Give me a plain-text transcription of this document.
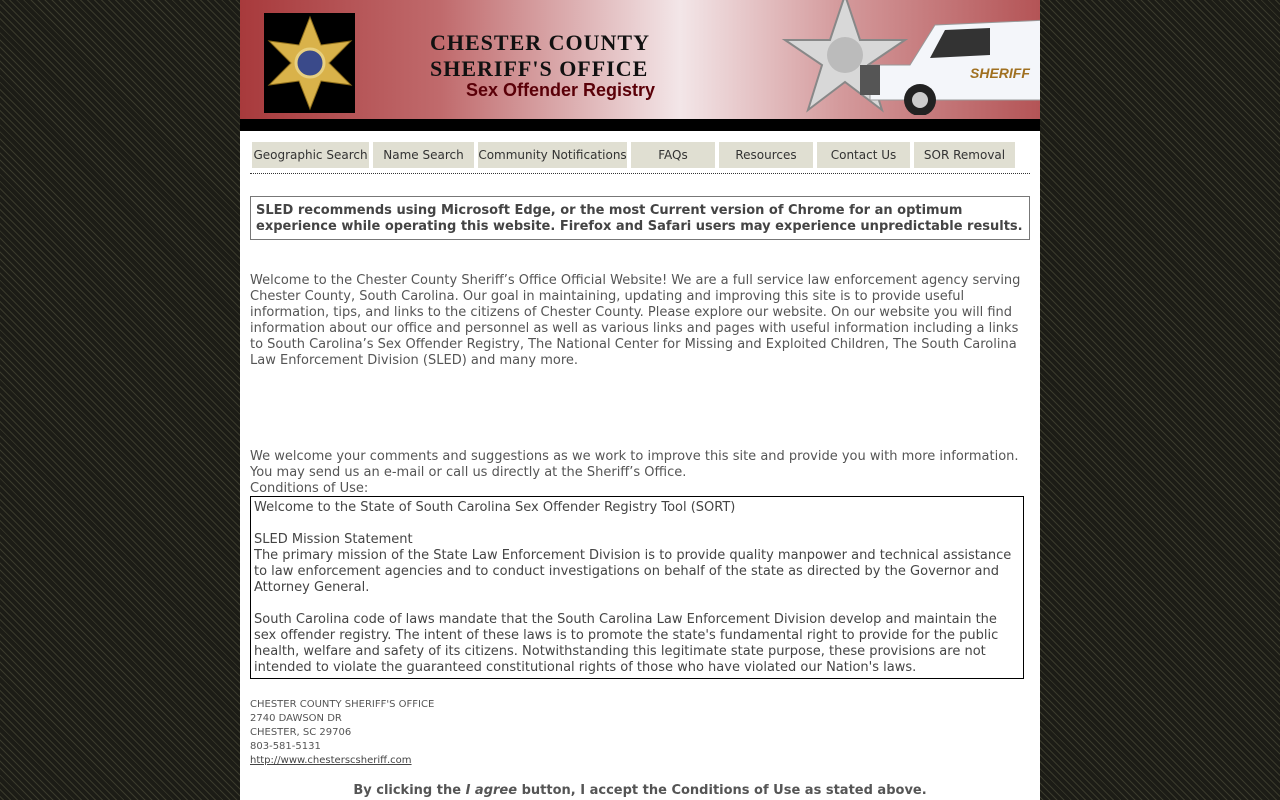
CHESTER COUNTY
SHERIFF'S OFFICE
Sex Offender Registry
SHERIFF
Geographic Search	Name Search	Community Notifications	FAQs	Resources	Contact Us	SOR Removal
SLED recommends using Microsoft Edge, or the most Current version of Chrome for an optimum experience while operating this website. Firefox and Safari users may experience unpredictable results.
Welcome to the Chester County Sheriff’s Office Official Website! We are a full service law enforcement agency serving Chester County, South Carolina. Our goal in maintaining, updating and improving this site is to provide useful information, tips, and links to the citizens of Chester County. Please explore our website. On our website you will find information about our office and personnel as well as various links and pages with useful information including a links to South Carolina’s Sex Offender Registry, The National Center for Missing and Exploited Children, The South Carolina Law Enforcement Division (SLED) and many more.
We welcome your comments and suggestions as we work to improve this site and provide you with more information. You may send us an e-mail or call us directly at the Sheriff’s Office.
Conditions of Use:
Welcome to the State of South Carolina Sex Offender Registry Tool (SORT)
SLED Mission Statement
The primary mission of the State Law Enforcement Division is to provide quality manpower and technical assistance to law enforcement agencies and to conduct investigations on behalf of the state as directed by the Governor and Attorney General.
South Carolina code of laws mandate that the South Carolina Law Enforcement Division develop and maintain the sex offender registry. The intent of these laws is to promote the state's fundamental right to provide for the public health, welfare and safety of its citizens. Notwithstanding this legitimate state purpose, these provisions are not intended to violate the guaranteed constitutional rights of those who have violated our Nation's laws.
CHESTER COUNTY SHERIFF'S OFFICE
2740 DAWSON DR
CHESTER, SC 29706
803-581-5131
http://www.chesterscsheriff.com
By clicking the I agree button, I accept the Conditions of Use as stated above.
